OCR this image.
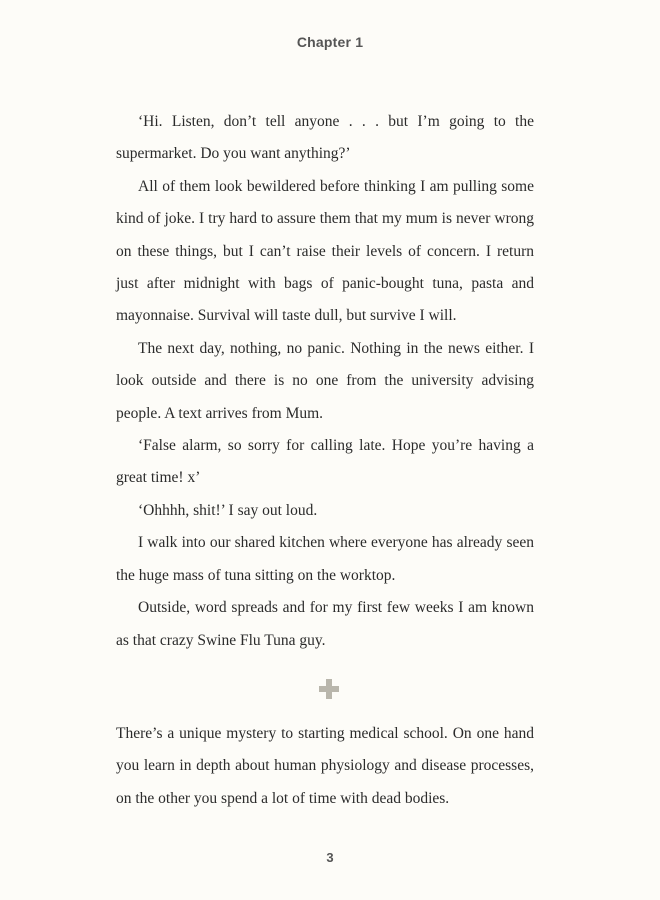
Chapter 1

‘Hi. Listen, don’t tell anyone . . . but I’m going to the supermarket. Do you want anything?’

All of them look bewildered before thinking I am pulling some kind of joke. I try hard to assure them that my mum is never wrong on these things, but I can’t raise their levels of concern. I return just after midnight with bags of panic-bought tuna, pasta and mayonnaise. Survival will taste dull, but survive I will.

The next day, nothing, no panic. Nothing in the news either. I look outside and there is no one from the university advising people. A text arrives from Mum.

‘False alarm, so sorry for calling late. Hope you’re having a great time! x’

‘Ohhhh, shit!’ I say out loud.

I walk into our shared kitchen where everyone has already seen the huge mass of tuna sitting on the worktop.

Outside, word spreads and for my first few weeks I am known as that crazy Swine Flu Tuna guy.

There’s a unique mystery to starting medical school. On one hand you learn in depth about human physiology and disease processes, on the other you spend a lot of time with dead bodies.

3
